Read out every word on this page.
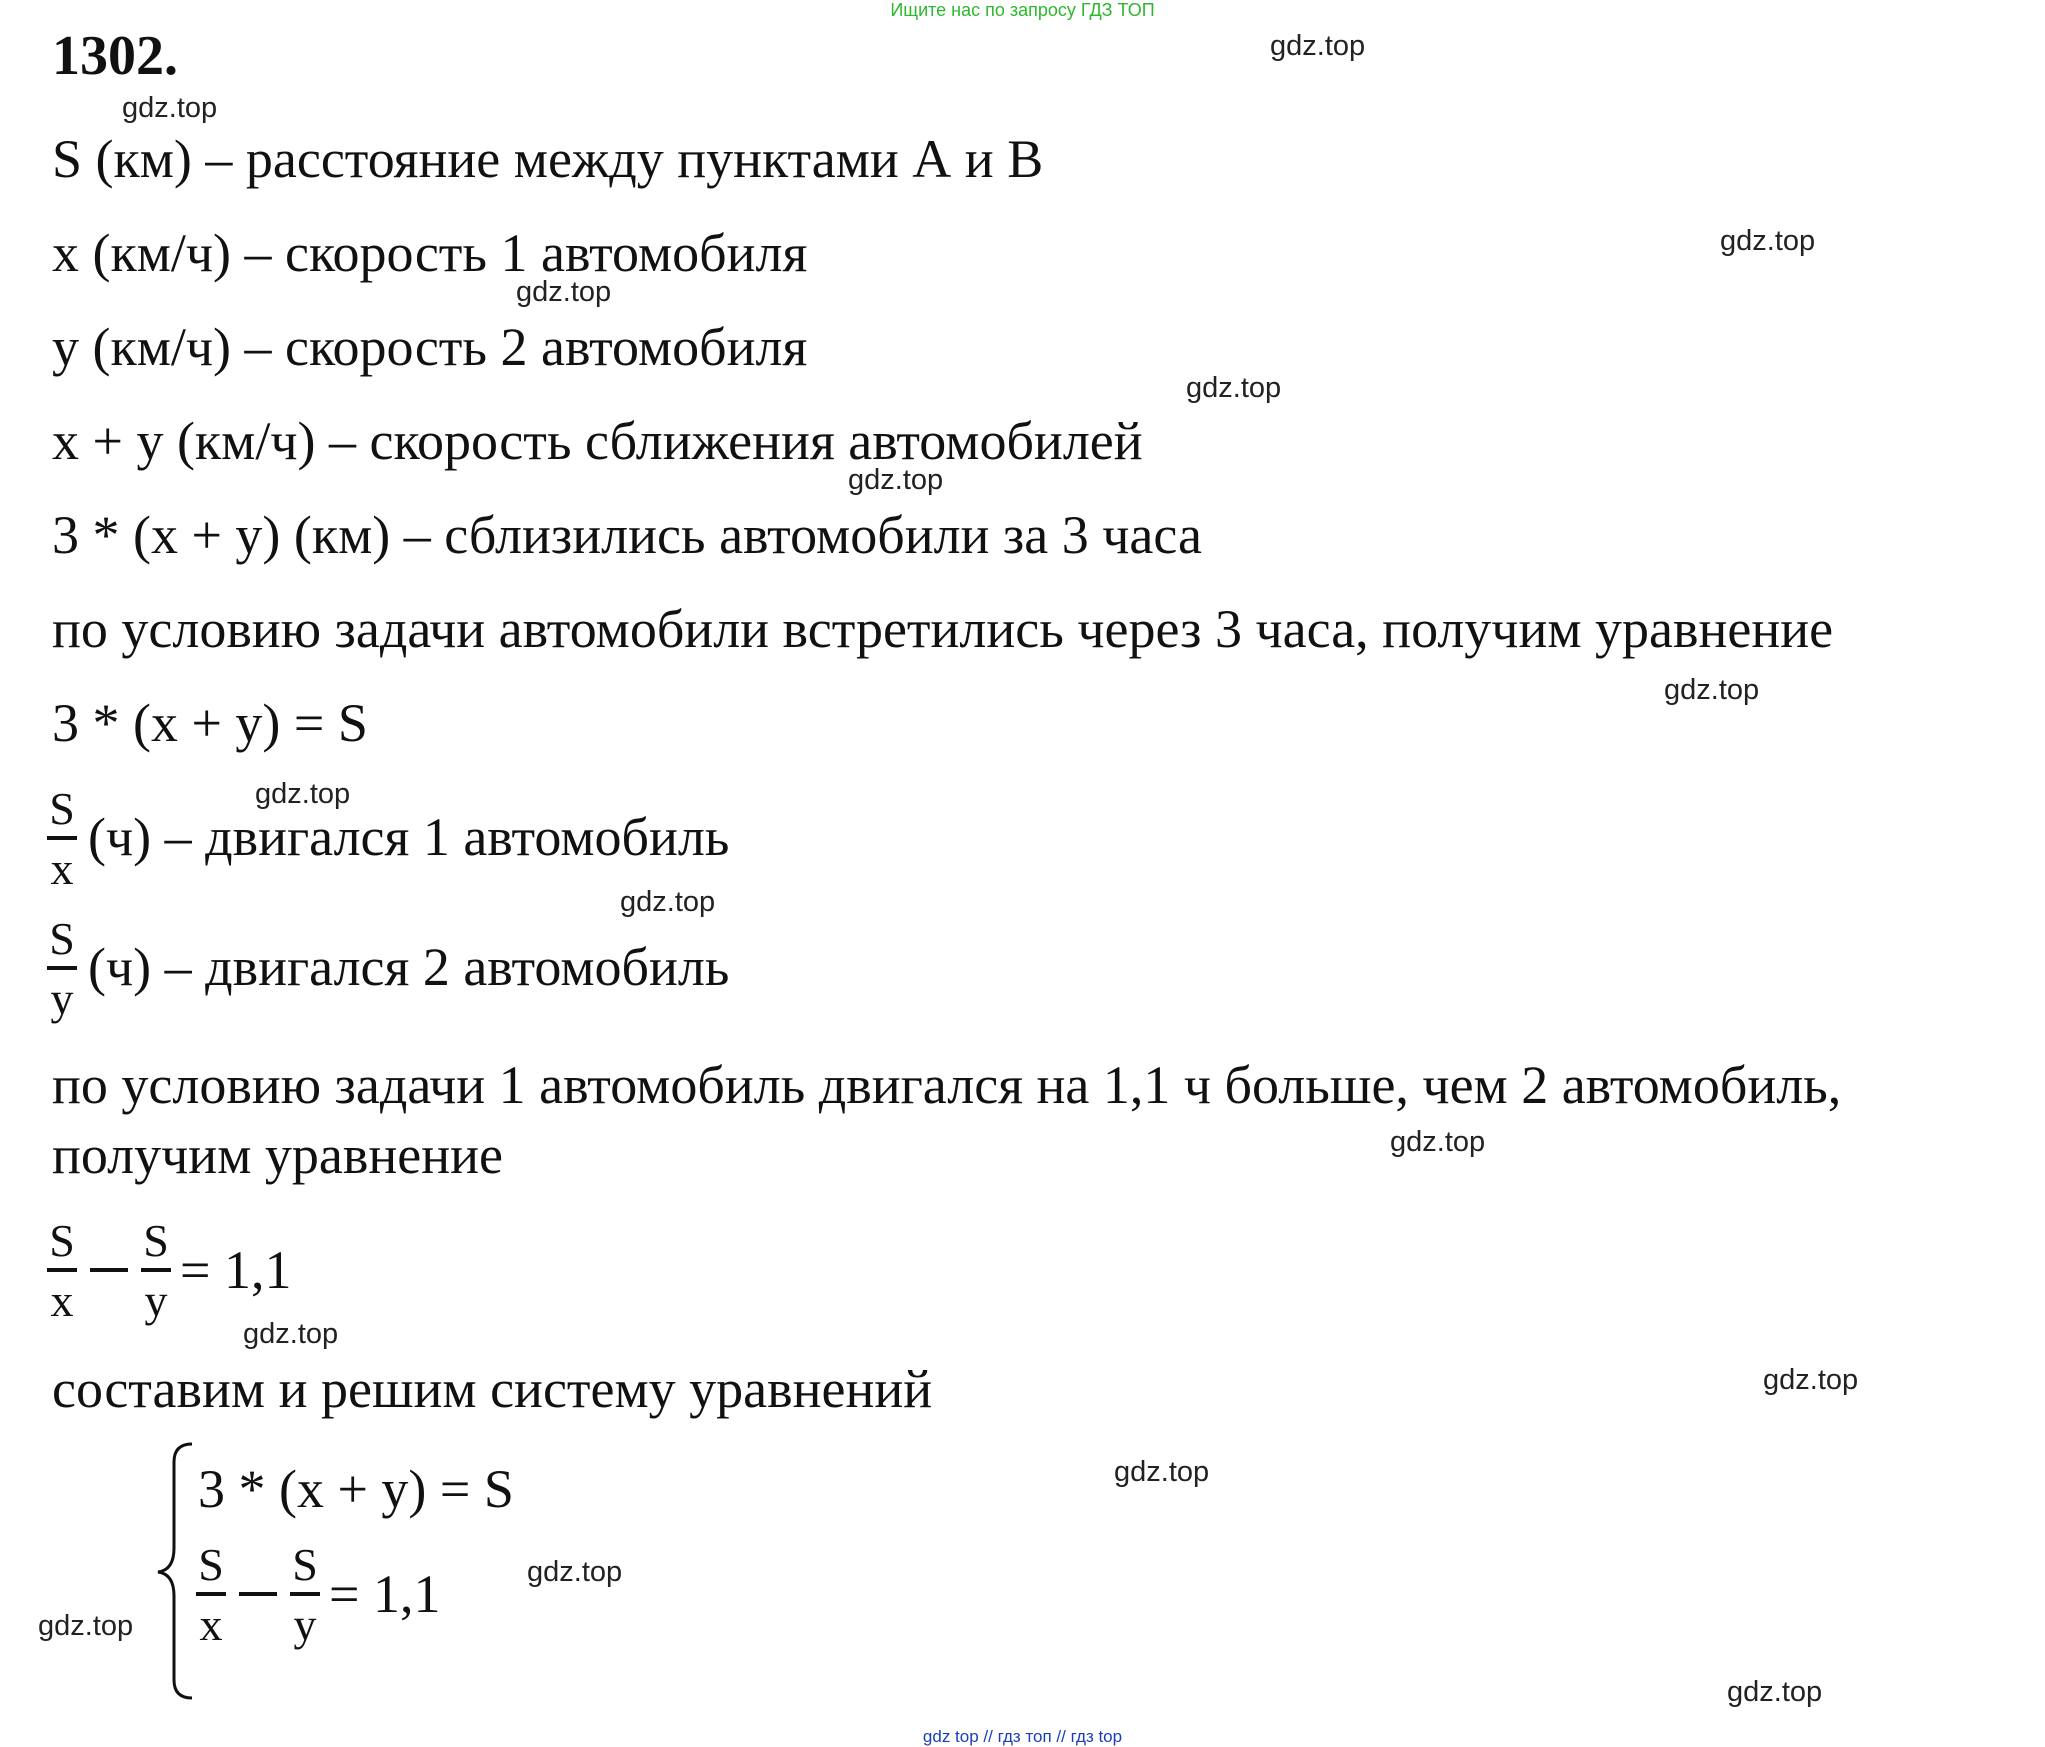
Ищите нас по запросу ГДЗ ТОП
1302.
S (км) – расстояние между пунктами А и В
x (км/ч) – скорость 1 автомобиля
y (км/ч) – скорость 2 автомобиля
x + y (км/ч) – скорость сближения автомобилей
3 * (x + y) (км) – сблизились автомобили за 3 часа
по условию задачи автомобили встретились через 3 часа, получим уравнение
3 * (x + y) = S
S
x
(ч) – двигался 1 автомобиль
S
y
(ч) – двигался 2 автомобиль
по условию задачи 1 автомобиль двигался на 1,1 ч больше, чем 2 автомобиль,
получим уравнение
S
x
S
y
= 1,1
составим и решим систему уравнений
3 * (x + y) = S
S
x
S
y
= 1,1
gdz.top
gdz.top
gdz.top
gdz.top
gdz.top
gdz.top
gdz.top
gdz.top
gdz.top
gdz.top
gdz.top
gdz.top
gdz.top
gdz.top
gdz.top
gdz.top
gdz top // гдз топ // гдз top
